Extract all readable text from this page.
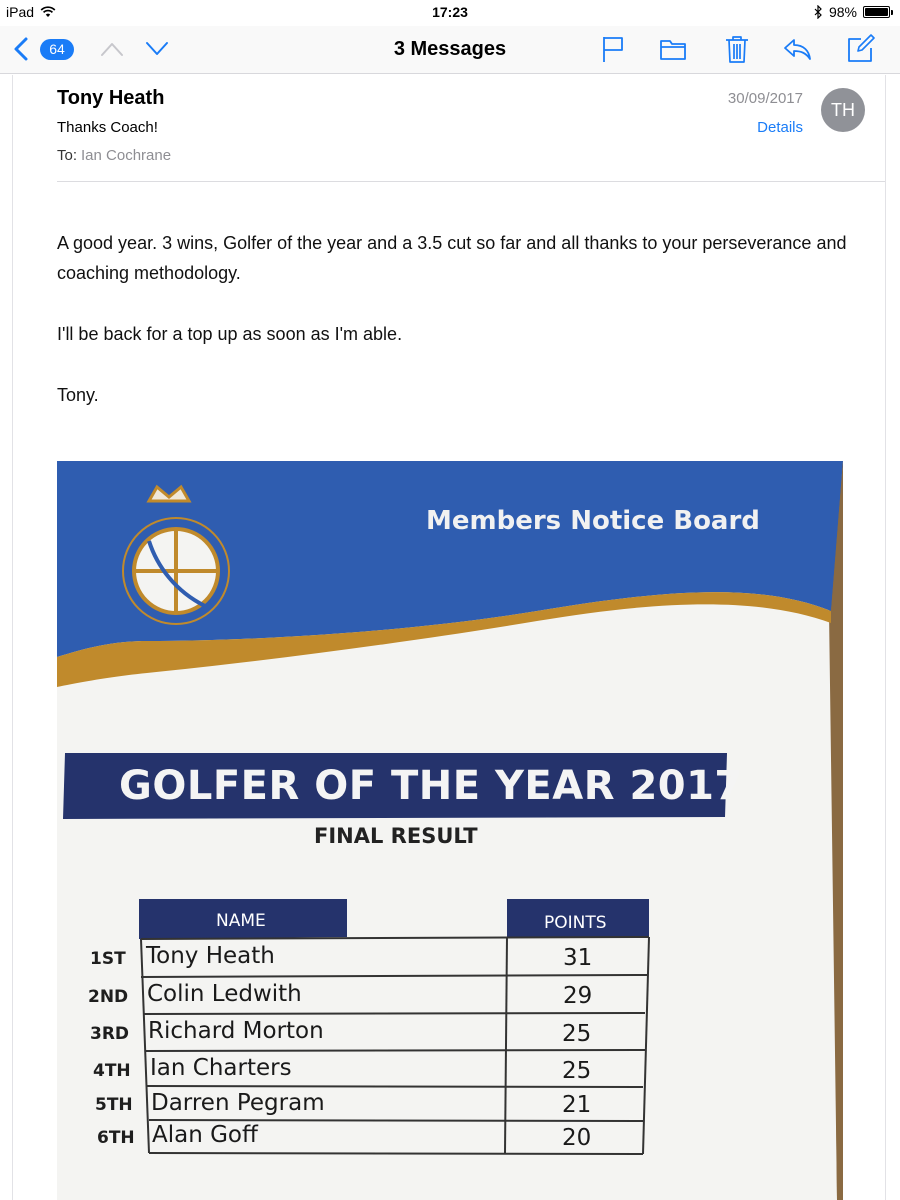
iPad	17:23	98%
64	3 Messages
Tony Heath
Thanks Coach!
To: Ian Cochrane
30/09/2017
Details
TH
A good year. 3 wins, Golfer of the year and a 3.5 cut so far and all thanks to your perseverance and coaching methodology.
I'll be back for a top up as soon as I'm able.
Tony.
Members Notice Board
GOLFER OF THE YEAR 2017
FINAL RESULT
NAME	POINTS
1ST Tony Heath	31
2ND Colin Ledwith	29
3RD Richard Morton	25
4TH Ian Charters	25
5TH Darren Pegram	21
6TH Alan Goff	20
